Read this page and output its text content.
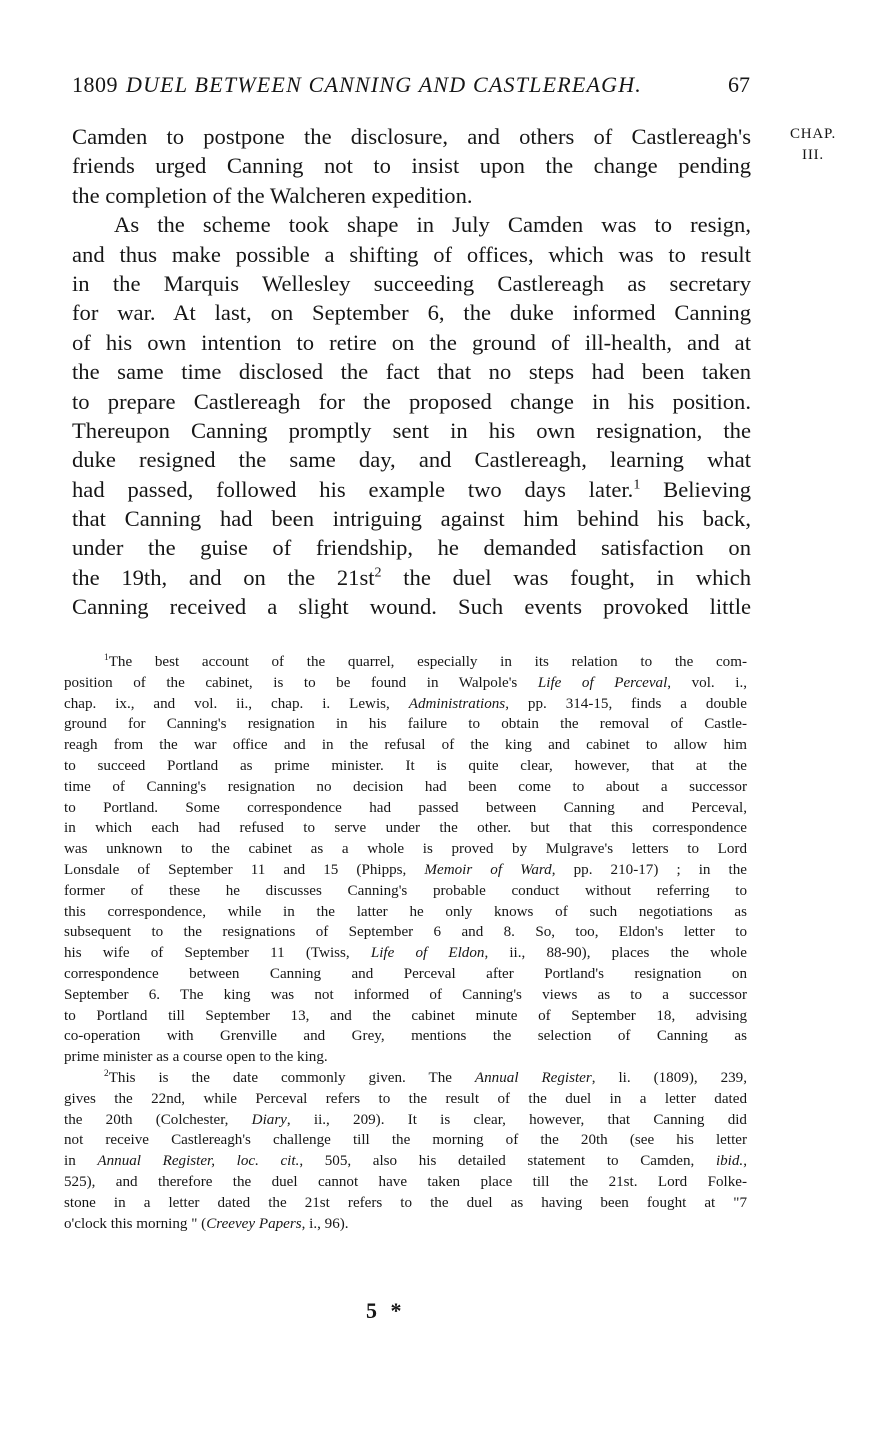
1809 DUEL BETWEEN CANNING AND CASTLEREAGH.	67
CHAP.
III.
Camden to postpone the disclosure, and others of Castlereagh's
friends urged Canning not to insist upon the change pending
the completion of the Walcheren expedition.
As the scheme took shape in July Camden was to resign,
and thus make possible a shifting of offices, which was to result
in the Marquis Wellesley succeeding Castlereagh as secretary
for war. At last, on September 6, the duke informed Canning
of his own intention to retire on the ground of ill-health, and at
the same time disclosed the fact that no steps had been taken
to prepare Castlereagh for the proposed change in his position.
Thereupon Canning promptly sent in his own resignation, the
duke resigned the same day, and Castlereagh, learning what
had passed, followed his example two days later.$^1$ Believing
that Canning had been intriguing against him behind his back,
under the guise of friendship, he demanded satisfaction on
the 19th, and on the $21st^2$ the duel was fought, in which
Canning received a slight wound. Such events provoked little
$^1$The best account of the quarrel, especially in its relation to the com-
position of the cabinet, is to be found in Walpole's Life of Perceval, vol. i.,
chap. ix., and vol. ii., chap. i. Lewis, Administrations, pp. 314-15, finds a double
ground for Canning's resignation in his failure to obtain the removal of Castle-
reagh from the war office and in the refusal of the king and cabinet to allow him
to succeed Portland as prime minister. It is quite clear, however, that at the
time of Canning's resignation no decision had been come to about a successor
to Portland. Some correspondence had passed between Canning and Perceval,
in which each had refused to serve under the other. but that this correspondence
was unknown to the cabinet as a whole is proved by Mulgrave's letters to Lord
Lonsdale of September 11 and 15 (Phipps, Memoir of Ward, pp. 210-17) ; in the
former of these he discusses Canning's probable conduct without referring to
this correspondence, while in the latter he only knows of such negotiations as
subsequent to the resignations of September 6 and 8. So, too, Eldon's letter to
his wife of September 11 (Twiss, Life of Eldon, ii., 88-90), places the whole
correspondence between Canning and Perceval after Portland's resignation on
September 6. The king was not informed of Canning's views as to a successor
to Portland till September 13, and the cabinet minute of September 18, advising
co-operation with Grenville and Grey, mentions the selection of Canning as
prime minister as a course open to the king.
$^2$This is the date commonly given. The Annual Register, li. (1809), 239,
gives the 22nd, while Perceval refers to the result of the duel in a letter dated
the 20th (Colchester, Diary, ii., 209). It is clear, however, that Canning did
not receive Castlereagh's challenge till the morning of the 20th (see his letter
in Annual Register, loc. cit., 505, also his detailed statement to Camden, ibid.,
525), and therefore the duel cannot have taken place till the 21st. Lord Folke-
stone in a letter dated the 21st refers to the duel as having been fought at "7
o'clock this morning " (Creevey Papers, i., 96).
5 *
